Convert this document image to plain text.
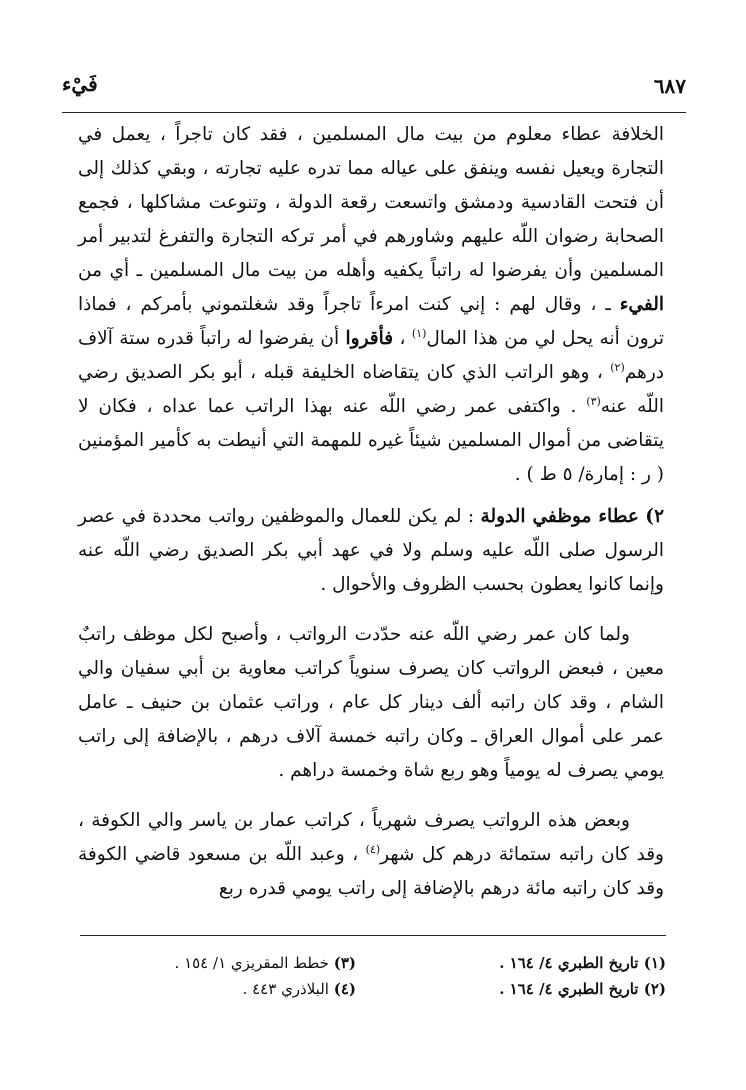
٦٨٧
فَيْء

الخلافة عطاء معلوم من بيت مال المسلمين ، فقد كان تاجراً ، يعمل في التجارة ويعيل نفسه وينفق على عياله مما تدره عليه تجارته ، وبقي كذلك إلى أن فتحت القادسية ودمشق واتسعت رقعة الدولة ، وتنوعت مشاكلها ، فجمع الصحابة رضوان اللّه عليهم وشاورهم في أمر تركه التجارة والتفرغ لتدبير أمر المسلمين وأن يفرضوا له راتباً يكفيه وأهله من بيت مال المسلمين ـ أي من الفيء ـ ، وقال لهم : إني كنت امرءاً تاجراً وقد شغلتموني بأمركم ، فماذا ترون أنه يحل لي من هذا المال$^{(١)}$ ، فأقروا أن يفرضوا له راتباً قدره ستة آلاف درهم$^{(٢)}$ ، وهو الراتب الذي كان يتقاضاه الخليفة قبله ، أبو بكر الصديق رضي اللّه عنه$^{(٣)}$ . واكتفى عمر رضي اللّه عنه بهذا الراتب عما عداه ، فكان لا يتقاضى من أموال المسلمين شيئاً غيره للمهمة التي أنيطت به كأمير المؤمنين ( ر : إمارة/ ٥ ط ) .

٢) عطاء موظفي الدولة : لم يكن للعمال والموظفين رواتب محددة في عصر الرسول صلى اللّه عليه وسلم ولا في عهد أبي بكر الصديق رضي اللّه عنه وإنما كانوا يعطون بحسب الظروف والأحوال .

ولما كان عمر رضي اللّه عنه حدّدت الرواتب ، وأصبح لكل موظف راتبٌ معين ، فبعض الرواتب كان يصرف سنوياً كراتب معاوية بن أبي سفيان والي الشام ، وقد كان راتبه ألف دينار كل عام ، وراتب عثمان بن حنيف ـ عامل عمر على أموال العراق ـ وكان راتبه خمسة آلاف درهم ، بالإضافة إلى راتب يومي يصرف له يومياً وهو ربع شاة وخمسة دراهم .

وبعض هذه الرواتب يصرف شهرياً ، كراتب عمار بن ياسر والي الكوفة ، وقد كان راتبه ستمائة درهم كل شهر$^{(٤)}$ ، وعبد اللّه بن مسعود قاضي الكوفة وقد كان راتبه مائة درهم بالإضافة إلى راتب يومي قدره ربع

(١) تاريخ الطبري ٤/ ١٦٤ .
(٢) تاريخ الطبري ٤/ ١٦٤ .
(٣) خطط المقريزي ١/ ١٥٤ .
(٤) البلاذري ٤٤٣ .
